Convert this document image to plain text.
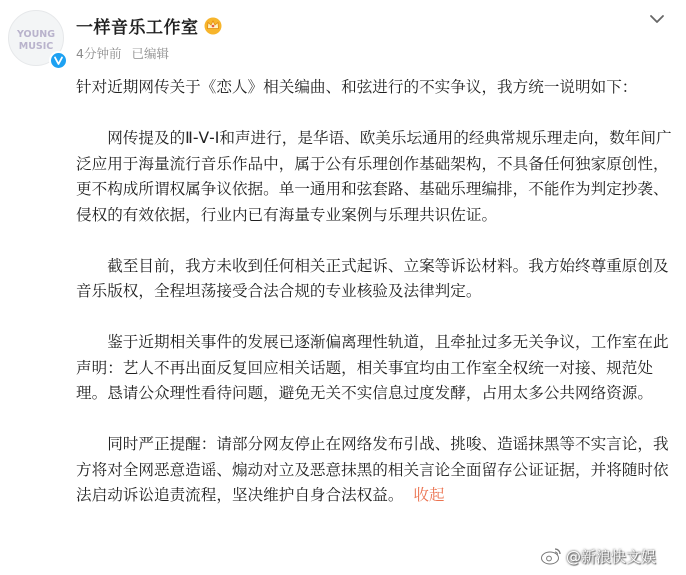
YOUNG
MUSIC
一样音乐工作室
4分钟前 已编辑

针对近期网传关于《恋人》相关编曲、和弦进行的不实争议，我方统一说明如下：

网传提及的Ⅱ-Ⅴ-Ⅰ和声进行，是华语、欧美乐坛通用的经典常规乐理走向，数年间广泛应用于海量流行音乐作品中，属于公有乐理创作基础架构，不具备任何独家原创性，更不构成所谓权属争议依据。单一通用和弦套路、基础乐理编排，不能作为判定抄袭、侵权的有效依据，行业内已有海量专业案例与乐理共识佐证。

截至目前，我方未收到任何相关正式起诉、立案等诉讼材料。我方始终尊重原创及音乐版权，全程坦荡接受合法合规的专业核验及法律判定。

鉴于近期相关事件的发展已逐渐偏离理性轨道，且牵扯过多无关争议，工作室在此声明：艺人不再出面反复回应相关话题，相关事宜均由工作室全权统一对接、规范处理。恳请公众理性看待问题，避免无关不实信息过度发酵，占用太多公共网络资源。

同时严正提醒：请部分网友停止在网络发布引战、挑唆、造谣抹黑等不实言论，我方将对全网恶意造谣、煽动对立及恶意抹黑的相关言论全面留存公证证据，并将随时依法启动诉讼追责流程，坚决维护自身合法权益。 收起

@新浪快文娱
